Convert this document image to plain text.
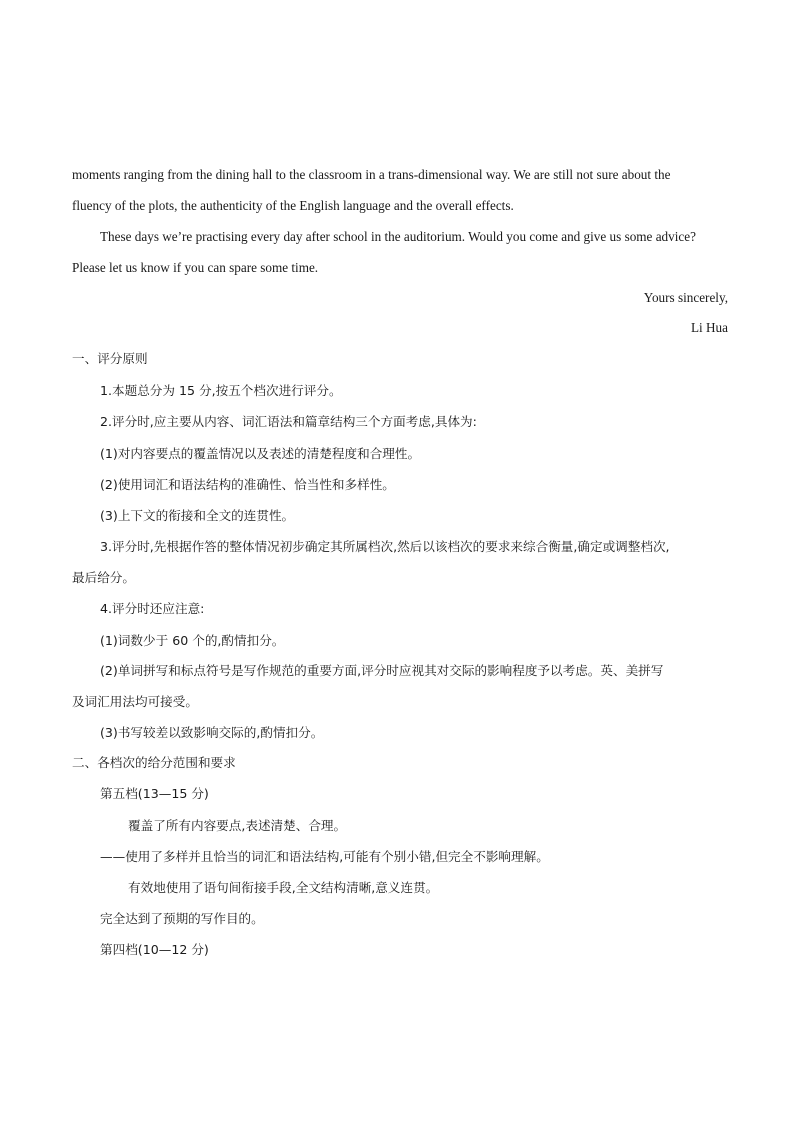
moments ranging from the dining hall to the classroom in a trans-dimensional way. We are still not sure about the
fluency of the plots, the authenticity of the English language and the overall effects.
These days we’re practising every day after school in the auditorium. Would you come and give us some advice?
Please let us know if you can spare some time.
Yours sincerely,
Li Hua
一、评分原则
1.本题总分为 15 分,按五个档次进行评分。
2.评分时,应主要从内容、词汇语法和篇章结构三个方面考虑,具体为:
(1)对内容要点的覆盖情况以及表述的清楚程度和合理性。
(2)使用词汇和语法结构的准确性、恰当性和多样性。
(3)上下文的衔接和全文的连贯性。
3.评分时,先根据作答的整体情况初步确定其所属档次,然后以该档次的要求来综合衡量,确定或调整档次,
最后给分。
4.评分时还应注意:
(1)词数少于 60 个的,酌情扣分。
(2)单词拼写和标点符号是写作规范的重要方面,评分时应视其对交际的影响程度予以考虑。英、美拼写
及词汇用法均可接受。
(3)书写较差以致影响交际的,酌情扣分。
二、各档次的给分范围和要求
第五档(13—15 分)
覆盖了所有内容要点,表述清楚、合理。
——使用了多样并且恰当的词汇和语法结构,可能有个别小错,但完全不影响理解。
有效地使用了语句间衔接手段,全文结构清晰,意义连贯。
完全达到了预期的写作目的。
第四档(10—12 分)
